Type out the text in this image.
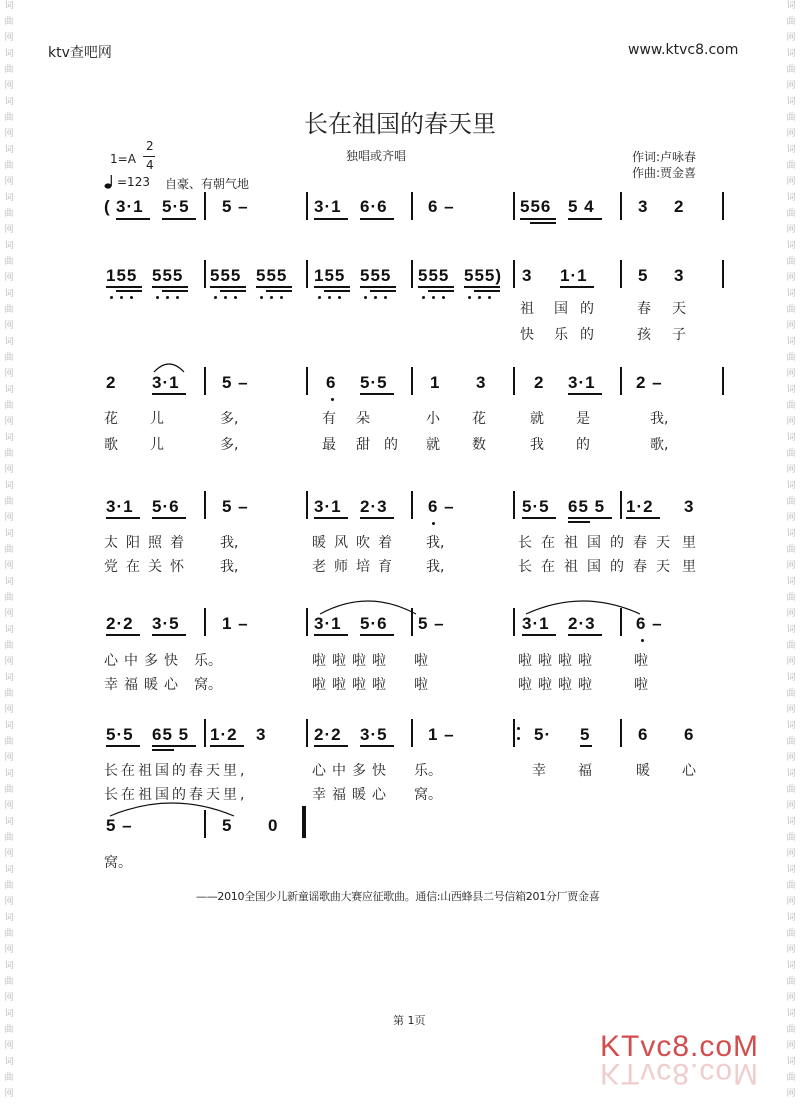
词
曲
网
词
曲
网
词
曲
网
词
曲
网
词
曲
网
词
曲
网
词
曲
网
词
曲
网
词
曲
网
词
曲
网
词
曲
网
词
曲
网
词
曲
网
词
曲
网
词
曲
网
词
曲
网
词
曲
网
词
曲
网
词
曲
网
词
曲
网
词
曲
网
词
曲
网
词
曲
网
词
曲
网
词
曲
网
词
曲
网
词
曲
网
词
曲
网
词
曲
网
词
曲
网
词
曲
网
词
曲
网
词
曲
网
词
曲
网
词
曲
网
词
曲
网
词
曲
网
词
曲
网
词
曲
网
词
曲
网
词
曲
网
词
曲
网
词
曲
网
词
曲
网
词
曲
网
词
曲
网
ktv查吧网	www.ktvc8.com
长在祖国的春天里
1=A
2
4
=123 自豪、有朝气地
独唱或齐唱	作词:卢咏春
作曲:贾金喜
( 3·1 5·5 5 –	3·1 6·6 6 –	556 5 4	3 2
155 555 555 555 155 555 555 555) 3 1·1	5 3
祖 国 的	春 天
快 乐 的	孩 子
2 3·1 5 –	6 5·5 1 3	2 3·1 2 –
花 儿	多,	有 朵	小 花	就 是	我,
歌 儿	多,	最 甜 的 就 数	我 的	歌,
3·1 5·6 5 –	3·1 2·3 6 –	5·5 65 5 1·2 3
太阳照着 我,	暖风吹着 我,	长在祖国的春天 里
党在关怀 我,	老师培育 我,	长在祖国的春天 里
2·2 3·5 1 –	3·1 5·6 5 –	3·1 2·3 6 –
心中多快 乐。	啦啦啦啦 啦	啦啦啦啦	啦
幸福暖心 窝。	啦啦啦啦 啦	啦啦啦啦	啦
5·5 65 5 1·2 3	2·2 3·5 1 –	5· 5	6 6
长在祖国的春天里,	心中多快 乐。	幸 福	暖 心
长在祖国的春天里,	幸福暖心 窝。
5 –	5 0
窝。
——2010全国少儿新童谣歌曲大赛应征歌曲。通信:山西蜂县二号信箱201分厂贾金喜
第 1页
KTvc8.coM
KTvc8.coM
